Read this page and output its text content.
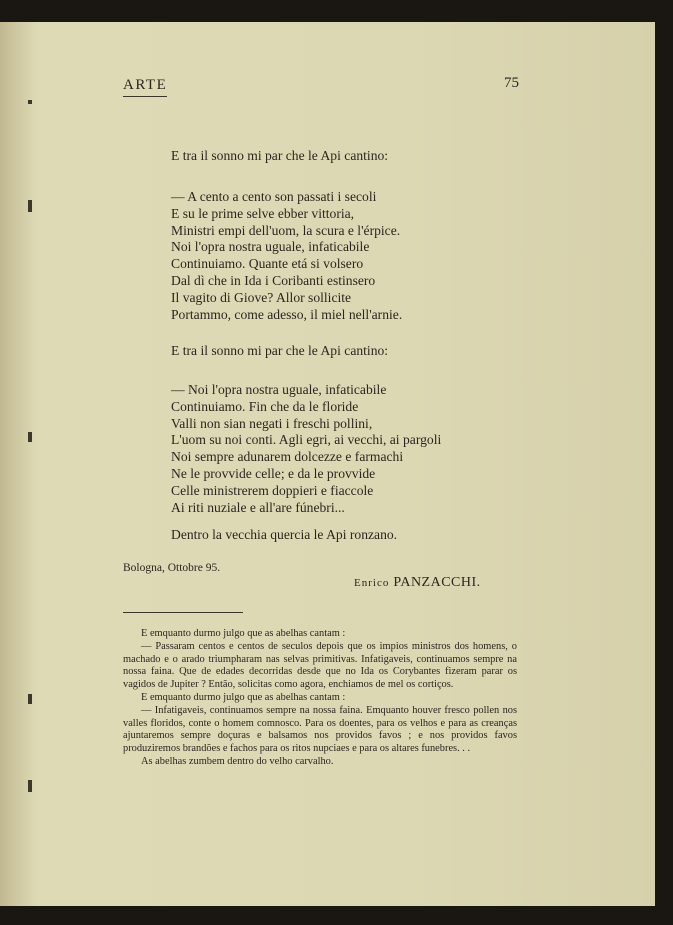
ARTE	75
E tra il sonno mi par che le Api cantino:
— A cento a cento son passati i secoli
E su le prime selve ebber vittoria,
Ministri empi dell'uom, la scura e l'érpice.
Noi l'opra nostra uguale, infaticabile
Continuiamo. Quante etá si volsero
Dal dì che in Ida i Coribanti estinsero
Il vagito di Giove? Allor sollicite
Portammo, come adesso, il miel nell'arnie.
E tra il sonno mi par che le Api cantino:
— Noi l'opra nostra uguale, infaticabile
Continuiamo. Fin che da le floride
Valli non sian negati i freschi pollini,
L'uom su noi conti. Agli egri, ai vecchi, ai pargoli
Noi sempre adunarem dolcezze e farmachi
Ne le provvide celle; e da le provvide
Celle ministrerem doppieri e fiaccole
Ai riti nuziale e all'are fúnebri...
Dentro la vecchia quercia le Api ronzano.
Bologna, Ottobre 95.
Enrico PANZACCHI.

E emquanto durmo julgo que as abelhas cantam :

— Passaram centos e centos de seculos depois que os impios ministros dos homens, o machado e o arado triumpharam nas selvas primitivas. Infatigaveis, continuamos sempre na nossa faina. Que de edades decorridas desde que no Ida os Corybantes fizeram parar os vagidos de Jupiter ? Então, solicitas como agora, enchiamos de mel os cortiços.

E emquanto durmo julgo que as abelhas cantam :

— Infatigaveis, continuamos sempre na nossa faina. Emquanto houver fresco pollen nos valles floridos, conte o homem comnosco. Para os doentes, para os velhos e para as creanças ajuntaremos sempre doçuras e balsamos nos providos favos ; e nos providos favos produziremos brandões e fachos para os ritos nupciaes e para os altares funebres. . .

As abelhas zumbem dentro do velho carvalho.
